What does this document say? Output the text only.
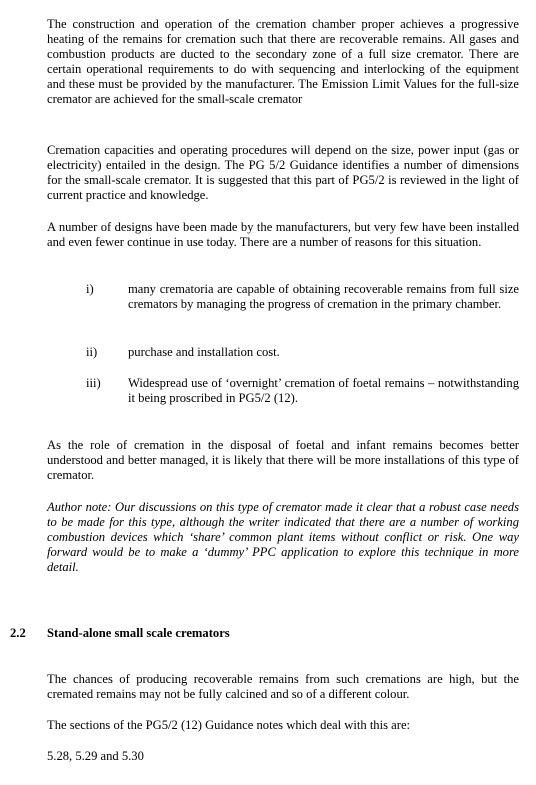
The construction and operation of the cremation chamber proper achieves a progressive heating of the remains for cremation such that there are recoverable remains. All gases and combustion products are ducted to the secondary zone of a full size cremator. There are certain operational requirements to do with sequencing and interlocking of the equipment and these must be provided by the manufacturer. The Emission Limit Values for the full-size cremator are achieved for the small-scale cremator

Cremation capacities and operating procedures will depend on the size, power input (gas or electricity) entailed in the design. The PG 5/2 Guidance identifies a number of dimensions for the small-scale cremator. It is suggested that this part of PG5/2 is reviewed in the light of current practice and knowledge.

A number of designs have been made by the manufacturers, but very few have been installed and even fewer continue in use today. There are a number of reasons for this situation.

i)	many crematoria are capable of obtaining recoverable remains from full size cremators by managing the progress of cremation in the primary chamber.
ii)	purchase and installation cost.
iii)	Widespread use of ‘overnight’ cremation of foetal remains – notwithstanding it being proscribed in PG5/2 (12).

As the role of cremation in the disposal of foetal and infant remains becomes better understood and better managed, it is likely that there will be more installations of this type of cremator.

Author note: Our discussions on this type of cremator made it clear that a robust case needs to be made for this type, although the writer indicated that there are a number of working combustion devices which ‘share’ common plant items without conflict or risk. One way forward would be to make a ‘dummy’ PPC application to explore this technique in more detail.

2.2 Stand-alone small scale cremators

The chances of producing recoverable remains from such cremations are high, but the cremated remains may not be fully calcined and so of a different colour.

The sections of the PG5/2 (12) Guidance notes which deal with this are:

5.28, 5.29 and 5.30
